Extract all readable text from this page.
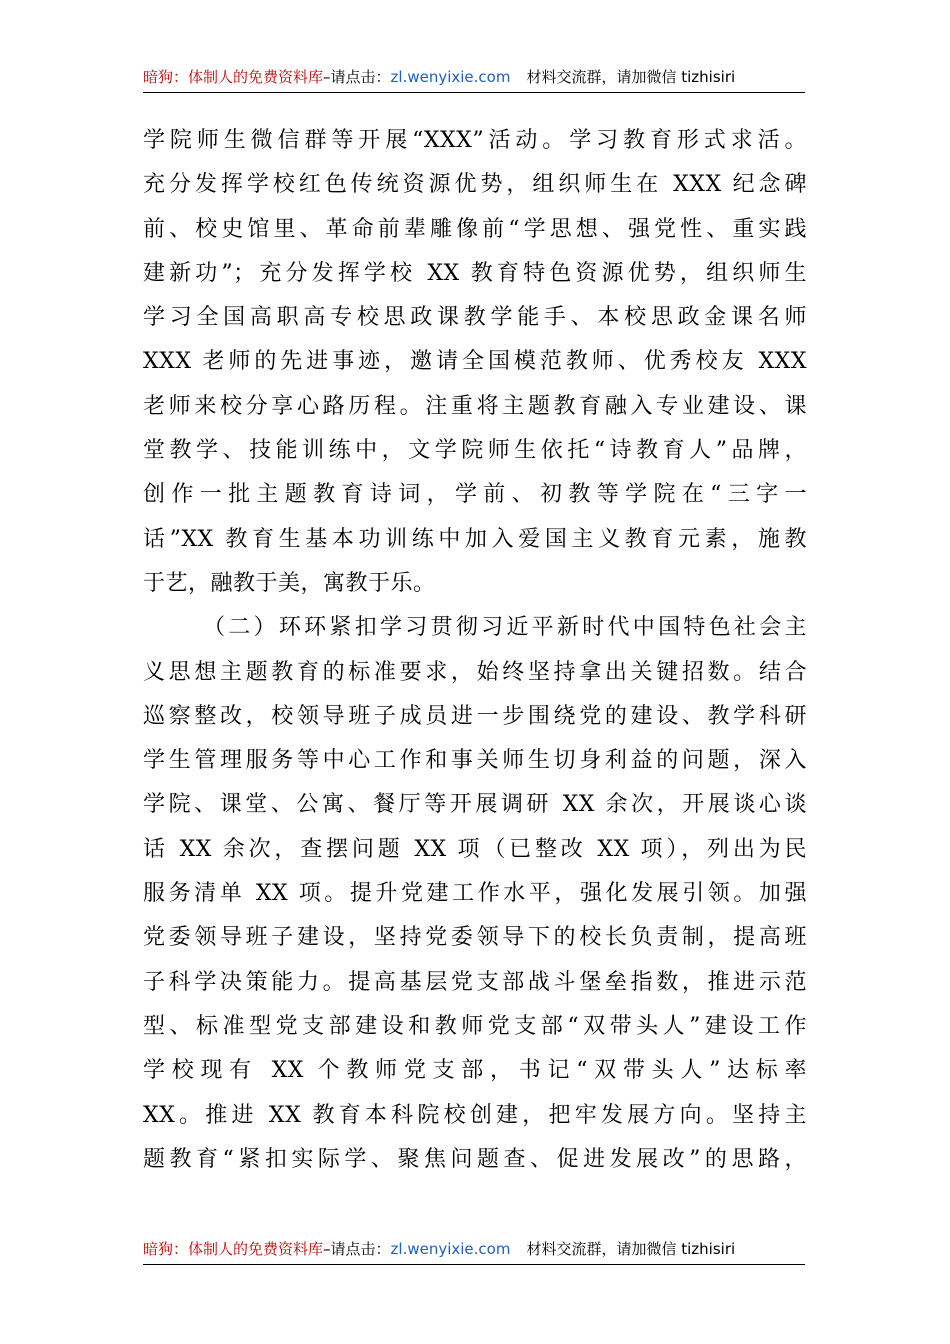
暗狗：体制人的免费资料库–请点击：zl.wenyixie.com 材料交流群，请加微信 tizhisiri
学院师生微信群等开展“XXX”活动。学习教育形式求活。
充分发挥学校红色传统资源优势，组织师生在 XXX 纪念碑
前、校史馆里、革命前辈雕像前“学思想、强党性、重实践
建新功”；充分发挥学校 XX 教育特色资源优势，组织师生
学习全国高职高专校思政课教学能手、本校思政金课名师
XXX 老师的先进事迹，邀请全国模范教师、优秀校友 XXX
老师来校分享心路历程。注重将主题教育融入专业建设、课
堂教学、技能训练中，文学院师生依托“诗教育人”品牌，
创作一批主题教育诗词，学前、初教等学院在“三字一
话”XX 教育生基本功训练中加入爱国主义教育元素，施教
于艺，融教于美，寓教于乐。
（二）环环紧扣学习贯彻习近平新时代中国特色社会主
义思想主题教育的标准要求，始终坚持拿出关键招数。结合
巡察整改，校领导班子成员进一步围绕党的建设、教学科研
学生管理服务等中心工作和事关师生切身利益的问题，深入
学院、课堂、公寓、餐厅等开展调研 XX 余次，开展谈心谈
话 XX 余次，查摆问题 XX 项（已整改 XX 项），列出为民
服务清单 XX 项。提升党建工作水平，强化发展引领。加强
党委领导班子建设，坚持党委领导下的校长负责制，提高班
子科学决策能力。提高基层党支部战斗堡垒指数，推进示范
型、标准型党支部建设和教师党支部“双带头人”建设工作
学校现有 XX 个教师党支部，书记“双带头人”达标率
XX。推进 XX 教育本科院校创建，把牢发展方向。坚持主
题教育“紧扣实际学、聚焦问题查、促进发展改”的思路，
暗狗：体制人的免费资料库–请点击：zl.wenyixie.com 材料交流群，请加微信 tizhisiri
